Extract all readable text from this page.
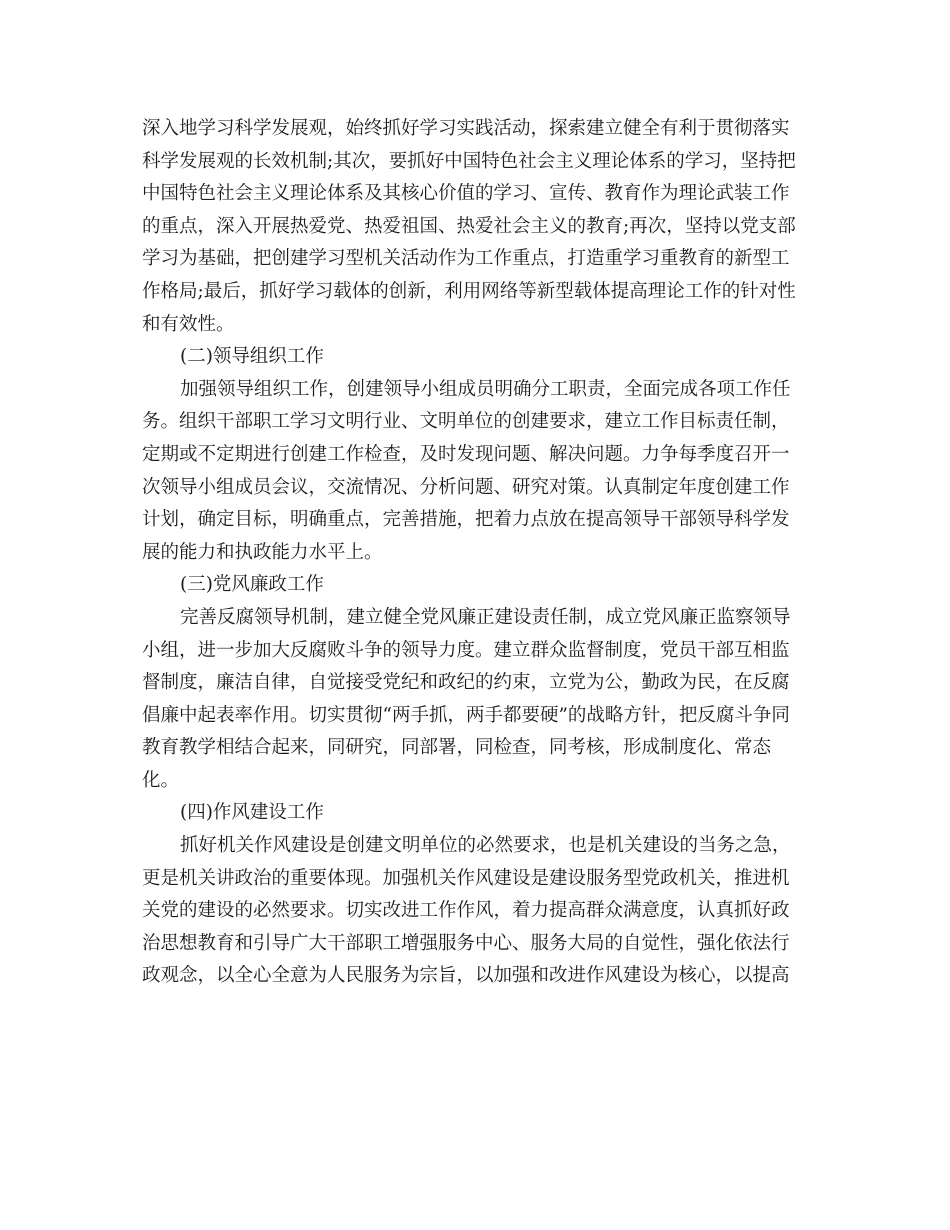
深入地学习科学发展观，始终抓好学习实践活动，探索建立健全有利于贯彻落实
科学发展观的长效机制;其次，要抓好中国特色社会主义理论体系的学习，坚持把
中国特色社会主义理论体系及其核心价值的学习、宣传、教育作为理论武装工作
的重点，深入开展热爱党、热爱祖国、热爱社会主义的教育;再次，坚持以党支部
学习为基础，把创建学习型机关活动作为工作重点，打造重学习重教育的新型工
作格局;最后，抓好学习载体的创新，利用网络等新型载体提高理论工作的针对性
和有效性。
(二)领导组织工作
加强领导组织工作，创建领导小组成员明确分工职责，全面完成各项工作任
务。组织干部职工学习文明行业、文明单位的创建要求，建立工作目标责任制，
定期或不定期进行创建工作检查，及时发现问题、解决问题。力争每季度召开一
次领导小组成员会议，交流情况、分析问题、研究对策。认真制定年度创建工作
计划，确定目标，明确重点，完善措施，把着力点放在提高领导干部领导科学发
展的能力和执政能力水平上。
(三)党风廉政工作
完善反腐领导机制，建立健全党风廉正建设责任制，成立党风廉正监察领导
小组，进一步加大反腐败斗争的领导力度。建立群众监督制度，党员干部互相监
督制度，廉洁自律，自觉接受党纪和政纪的约束，立党为公，勤政为民，在反腐
倡廉中起表率作用。切实贯彻“两手抓，两手都要硬”的战略方针，把反腐斗争同
教育教学相结合起来，同研究，同部署，同检查，同考核，形成制度化、常态
化。
(四)作风建设工作
抓好机关作风建设是创建文明单位的必然要求，也是机关建设的当务之急，
更是机关讲政治的重要体现。加强机关作风建设是建设服务型党政机关，推进机
关党的建设的必然要求。切实改进工作作风，着力提高群众满意度，认真抓好政
治思想教育和引导广大干部职工增强服务中心、服务大局的自觉性，强化依法行
政观念，以全心全意为人民服务为宗旨，以加强和改进作风建设为核心，以提高
